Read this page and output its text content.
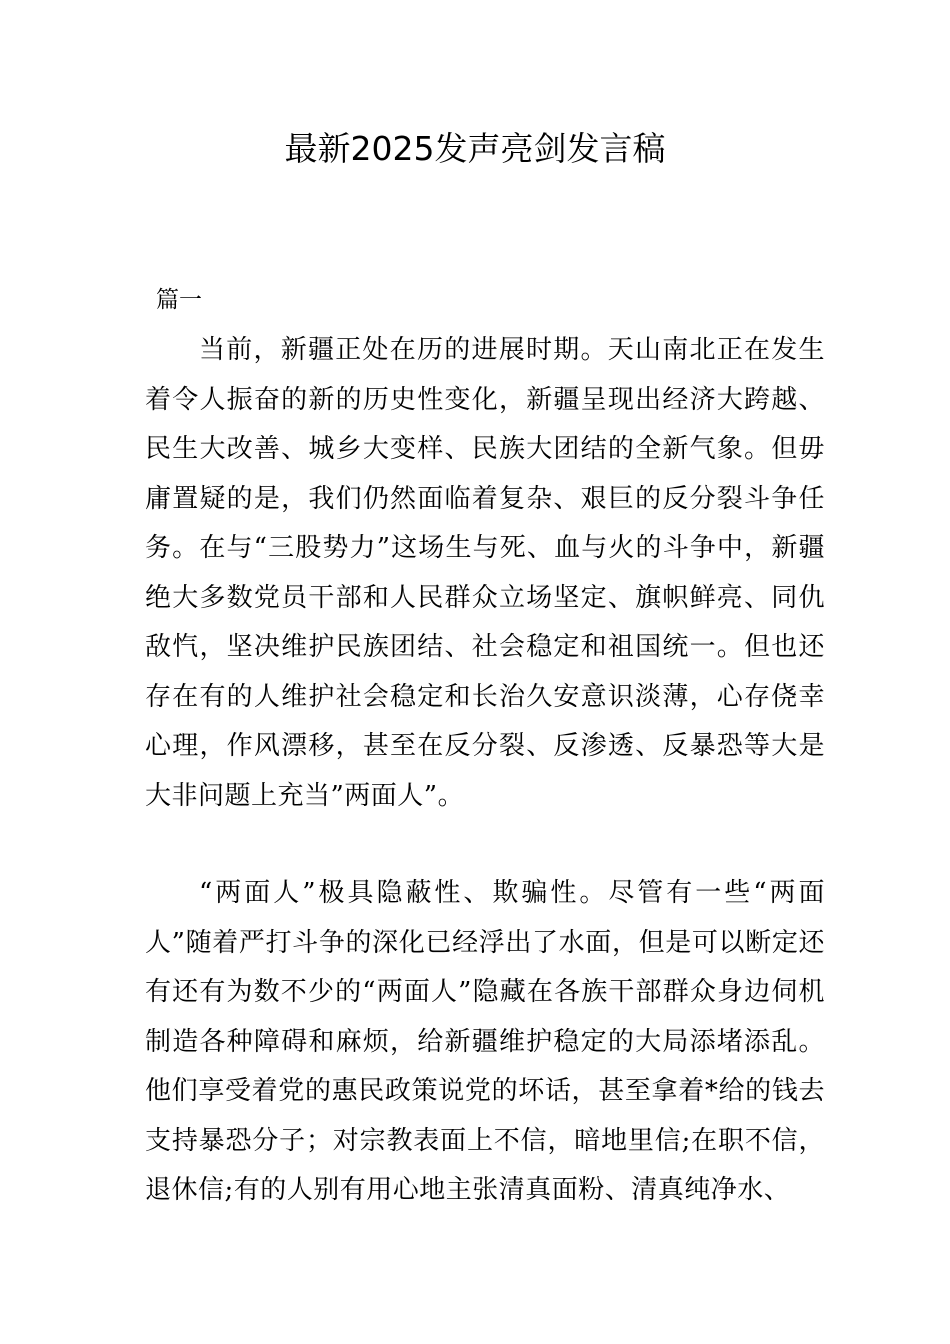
最新2025发声亮剑发言稿
篇一

当前，新疆正处在历的进展时期。天山南北正在发生着令人振奋的新的历史性变化，新疆呈现出经济大跨越、民生大改善、城乡大变样、民族大团结的全新气象。但毋庸置疑的是，我们仍然面临着复杂、艰巨的反分裂斗争任务。在与“三股势力”这场生与死、血与火的斗争中，新疆绝大多数党员干部和人民群众立场坚定、旗帜鲜亮、同仇敌忾，坚决维护民族团结、社会稳定和祖国统一。但也还存在有的人维护社会稳定和长治久安意识淡薄，心存侥幸心理，作风漂移，甚至在反分裂、反渗透、反暴恐等大是大非问题上充当”两面人”。

“两面人”极具隐蔽性、欺骗性。尽管有一些“两面人”随着严打斗争的深化已经浮出了水面，但是可以断定还有还有为数不少的“两面人”隐藏在各族干部群众身边伺机制造各种障碍和麻烦，给新疆维护稳定的大局添堵添乱。他们享受着党的惠民政策说党的坏话，甚至拿着*给的钱去支持暴恐分子；对宗教表面上不信，暗地里信;在职不信，退休信;有的人别有用心地主张清真面粉、清真纯净水、
